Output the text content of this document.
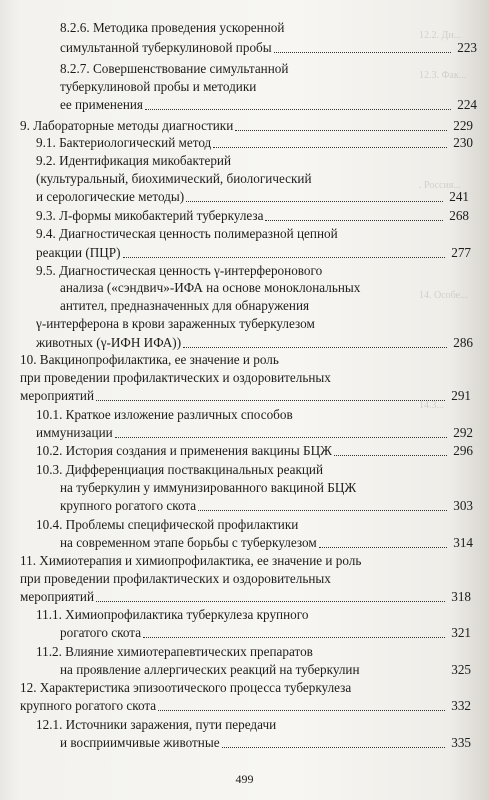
12.2. Ди...
12.3. Фак...
. Россия...
14. Особе...
14.3...
8.2.6. Методика проведения ускоренной
симультанной туберкулиновой пробы	223
8.2.7. Совершенствование симультанной
туберкулиновой пробы и методики
ее применения	224
9. Лабораторные методы диагностики	229
9.1. Бактериологический метод	230
9.2. Идентификация микобактерий
(культуральный, биохимический, биологический
и серологические методы)	241
9.3. Л-формы микобактерий туберкулеза	268
9.4. Диагностическая ценность полимеразной цепной
реакции (ПЦР)	277
9.5. Диагностическая ценность γ-интерферонового
анализа («сэндвич»-ИФА на основе моноклональных
антител, предназначенных для обнаружения
γ-интерферона в крови зараженных туберкулезом
животных (γ-ИФН ИФА))	286
10. Вакцинопрофилактика, ее значение и роль
при проведении профилактических и оздоровительных
мероприятий	291
10.1. Краткое изложение различных способов
иммунизации	292
10.2. История создания и применения вакцины БЦЖ	296
10.3. Дифференциация поствакцинальных реакций
на туберкулин у иммунизированного вакциной БЦЖ
крупного рогатого скота	303
10.4. Проблемы специфической профилактики
на современном этапе борьбы с туберкулезом	314
11. Химиотерапия и химиопрофилактика, ее значение и роль
при проведении профилактических и оздоровительных
мероприятий	318
11.1. Химиопрофилактика туберкулеза крупного
рогатого скота	321
11.2. Влияние химиотерапевтических препаратов
на проявление аллергических реакций на туберкулин	325
12. Характеристика эпизоотического процесса туберкулеза
крупного рогатого скота	332
12.1. Источники заражения, пути передачи
и восприимчивые животные	335
499
